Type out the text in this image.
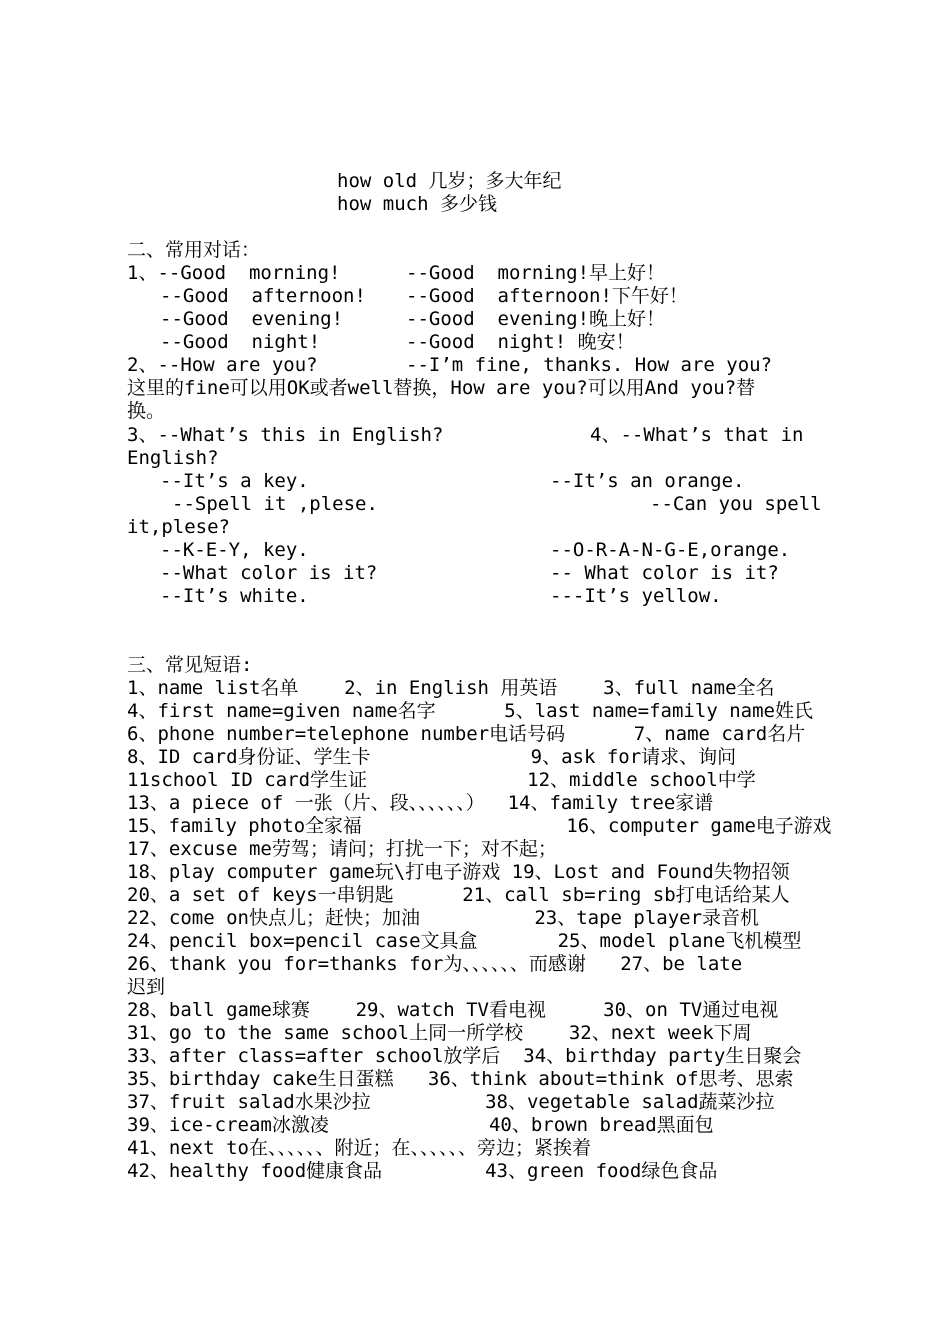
how old 几岁；多大年纪
how much 多少钱
二、常用对话：
1、--Good  morning!	--Good  morning!早上好！
--Good  afternoon! --Good  afternoon!下午好！
--Good  evening!	--Good  evening!晚上好！
--Good  night!	--Good  night! 晚安！
2、--How are you?	--I’m fine, thanks. How are you?
这里的fine可以用OK或者well替换，How are you?可以用And you?替
换。
3、--What’s this in English?	4、--What’s that in
English?
--It’s a key.	--It’s an orange.
--Spell it ,plese.	--Can you spell
it,plese?
--K-E-Y, key.	--O-R-A-N-G-E,orange.
--What color is it?	-- What color is it?
--It’s white.	---It’s yellow.
三、常见短语:
1、name list名单    2、in English 用英语    3、full name全名
4、first name=given name名字      5、last name=family name姓氏
6、phone number=telephone number电话号码      7、name card名片
8、ID card身份证、学生卡              9、ask for请求、询问
11school ID card学生证              12、middle school中学
13、a piece of 一张（片、段、、、、、、）  14、family tree家谱
15、family photo全家福                  16、computer game电子游戏
17、excuse me劳驾；请问；打扰一下；对不起；
18、play computer game玩\打电子游戏 19、Lost and Found失物招领
20、a set of keys一串钥匙      21、call sb=ring sb打电话给某人
22、come on快点儿；赶快；加油          23、tape player录音机
24、pencil box=pencil case文具盒       25、model plane飞机模型
26、thank you for=thanks for为、、、、、、而感谢   27、be late
迟到
28、ball game球赛    29、watch TV看电视     30、on TV通过电视
31、go to the same school上同一所学校    32、next week下周
33、after class=after school放学后  34、birthday party生日聚会
35、birthday cake生日蛋糕   36、think about=think of思考、思索
37、fruit salad水果沙拉          38、vegetable salad蔬菜沙拉
39、ice-cream冰激凌              40、brown bread黑面包
41、next to在、、、、、、附近；在、、、、、、旁边；紧挨着
42、healthy food健康食品         43、green food绿色食品
